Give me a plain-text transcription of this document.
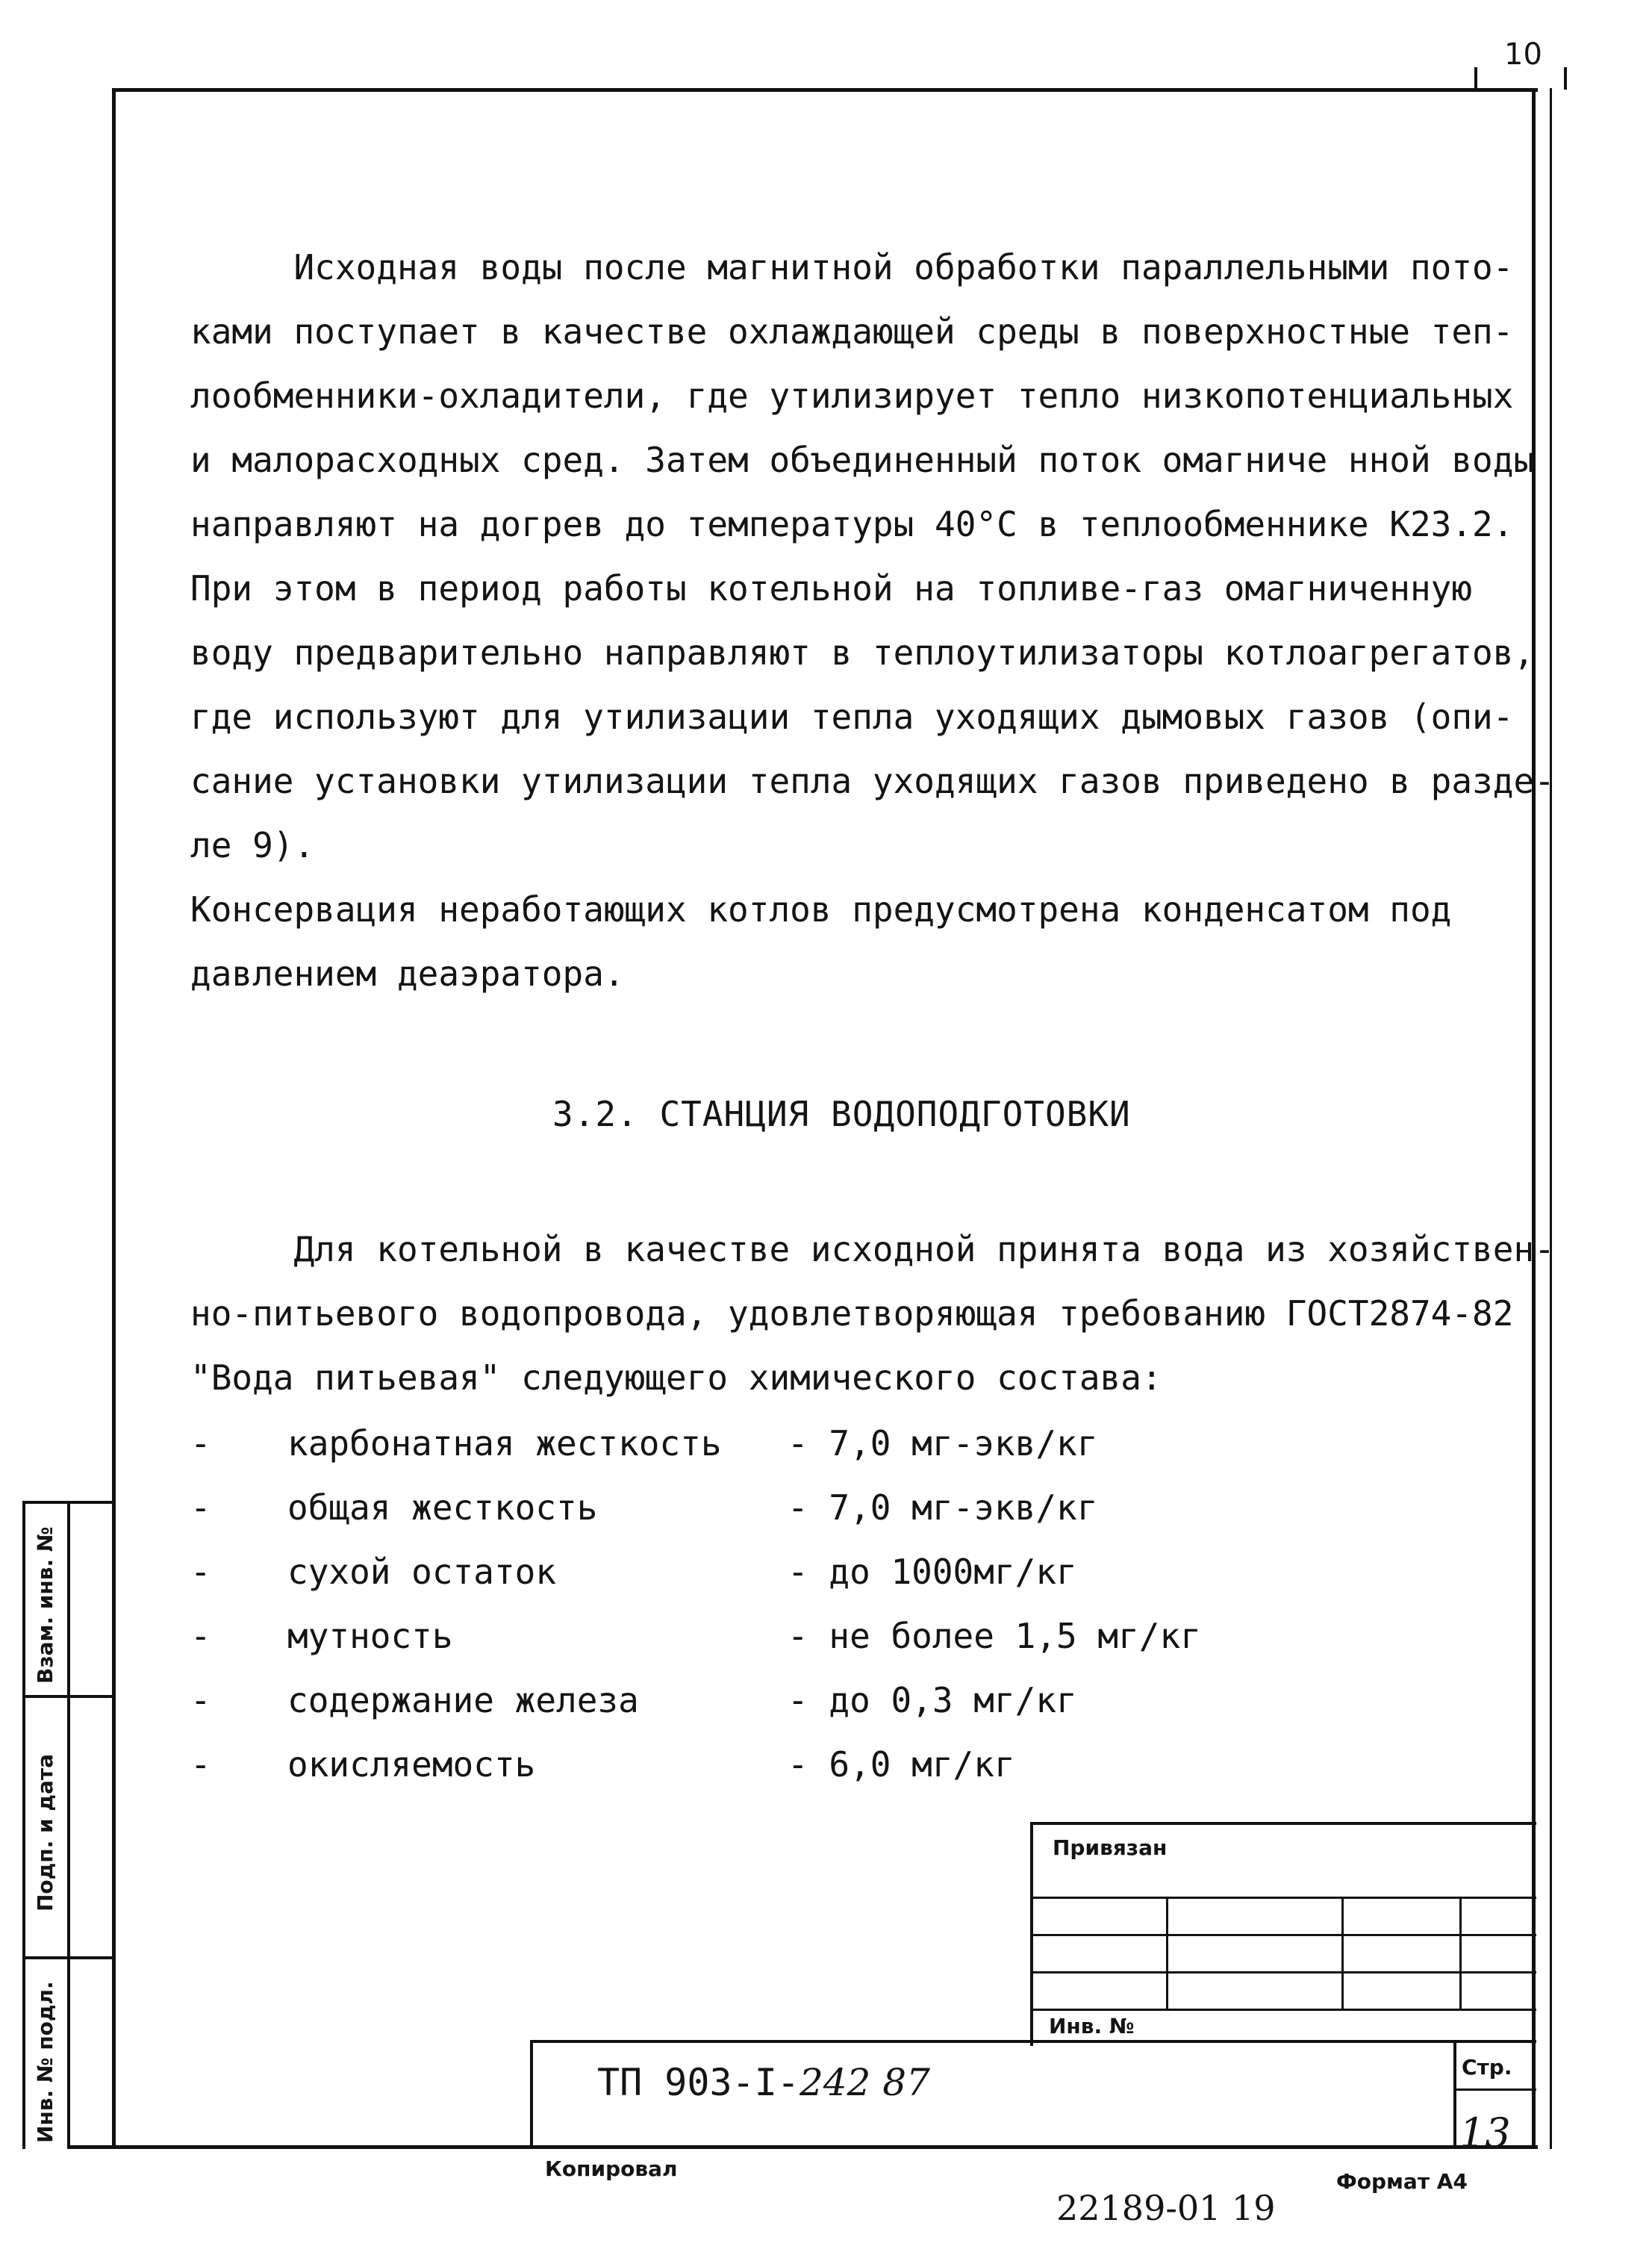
10
Исходная воды после магнитной обработки параллельными пото-
ками поступает в качестве охлаждающей среды в поверхностные теп-
лообменники-охладители, где утилизирует тепло низкопотенциальных
и малорасходных сред. Затем объединенный поток омагниче нной воды
направляют на догрев до температуры 40°С в теплообменнике К23.2.
При этом в период работы котельной на топливе-газ омагниченную
воду предварительно направляют в теплоутилизаторы котлоагрегатов,
где используют для утилизации тепла уходящих дымовых газов (опи-
сание установки утилизации тепла уходящих газов приведено в разде-
ле 9).
Консервация неработающих котлов предусмотрена конденсатом под
давлением деаэратора.
3.2. СТАНЦИЯ ВОДОПОДГОТОВКИ
Для котельной в качестве исходной принята вода из хозяйствен-
но-питьевого водопровода, удовлетворяющая требованию ГОСТ2874-82
"Вода питьевая" следующего химического состава:
- карбонатная жесткость - 7,0 мг-экв/кг
- общая жесткость	- 7,0 мг-экв/кг
- сухой остаток	- до 1000мг/кг
- мутность	- не более 1,5 мг/кг
- содержание железа	- до 0,3 мг/кг
- окисляемость	- 6,0 мг/кг
Взам. инв. №
Подп. и дата
Инв. № подл.
Привязан
Инв. №
Стр.
13
ТП 903-I-242 87
Копировал
22189-01 19
Формат А4
